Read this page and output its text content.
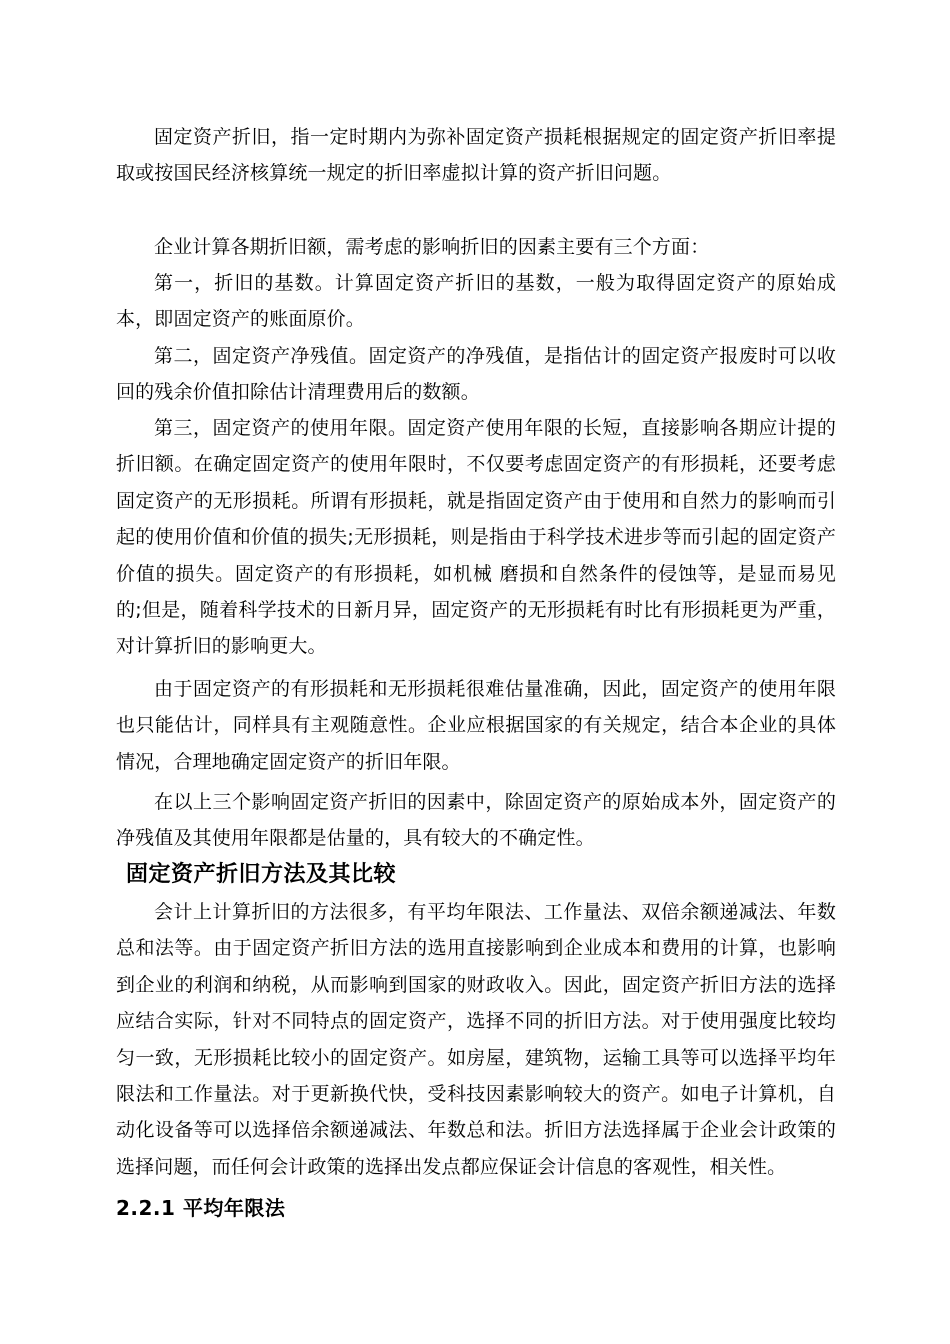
固定资产折旧，指一定时期内为弥补固定资产损耗根据规定的固定资产折旧率提取或按国民经济核算统一规定的折旧率虚拟计算的资产折旧问题。

企业计算各期折旧额，需考虑的影响折旧的因素主要有三个方面：

第一，折旧的基数。计算固定资产折旧的基数，一般为取得固定资产的原始成本，即固定资产的账面原价。

第二，固定资产净残值。固定资产的净残值，是指估计的固定资产报废时可以收回的残余价值扣除估计清理费用后的数额。

第三，固定资产的使用年限。固定资产使用年限的长短，直接影响各期应计提的折旧额。在确定固定资产的使用年限时，不仅要考虑固定资产的有形损耗，还要考虑固定资产的无形损耗。所谓有形损耗，就是指固定资产由于使用和自然力的影响而引起的使用价值和价值的损失;无形损耗，则是指由于科学技术进步等而引起的固定资产价值的损失。固定资产的有形损耗，如机械 磨损和自然条件的侵蚀等，是显而易见的;但是，随着科学技术的日新月异，固定资产的无形损耗有时比有形损耗更为严重，对计算折旧的影响更大。

由于固定资产的有形损耗和无形损耗很难估量准确，因此，固定资产的使用年限也只能估计，同样具有主观随意性。企业应根据国家的有关规定，结合本企业的具体情况，合理地确定固定资产的折旧年限。

在以上三个影响固定资产折旧的因素中，除固定资产的原始成本外，固定资产的净残值及其使用年限都是估量的，具有较大的不确定性。

固定资产折旧方法及其比较

会计上计算折旧的方法很多，有平均年限法、工作量法、双倍余额递减法、年数总和法等。由于固定资产折旧方法的选用直接影响到企业成本和费用的计算，也影响到企业的利润和纳税，从而影响到国家的财政收入。因此，固定资产折旧方法的选择应结合实际，针对不同特点的固定资产，选择不同的折旧方法。对于使用强度比较均匀一致，无形损耗比较小的固定资产。如房屋，建筑物，运输工具等可以选择平均年限法和工作量法。对于更新换代快，受科技因素影响较大的资产。如电子计算机，自动化设备等可以选择倍余额递减法、年数总和法。折旧方法选择属于企业会计政策的选择问题，而任何会计政策的选择出发点都应保证会计信息的客观性，相关性。

2.2.1 平均年限法
